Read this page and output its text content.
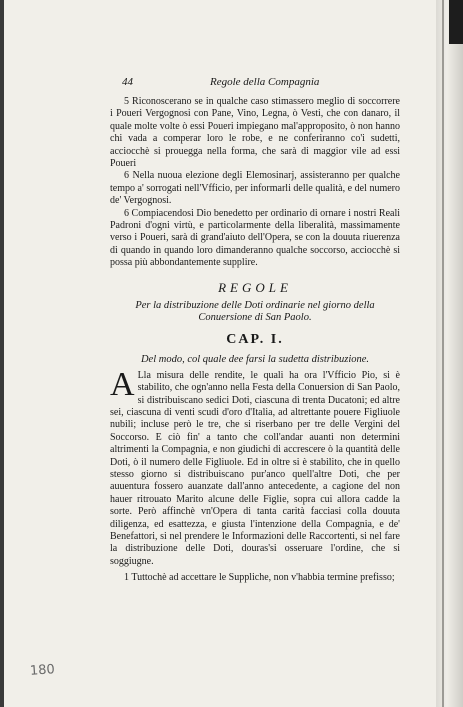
44	Regole della Compagnia

5 Riconoscerano se in qualche caso stimassero meglio di soccorrere i Poueri Vergognosi con Pane, Vino, Legna, ò Vesti, che con danaro, il quale molte volte ò essi Poueri impiegano mal'approposito, ò non hanno chi vada a comperar loro le robe, e ne conferiranno co'i sudetti, acciocchè si prouegga nella forma, che sarà di maggior vile ad essi Poueri

6 Nella nuoua elezione degli Elemosinarj, assisteranno per qualche tempo a' sorrogati nell'Vfficio, per informarli delle qualità, e del numero de' Vergognosi.

6 Compiacendosi Dio benedetto per ordinario di ornare i nostri Reali Padroni d'ogni virtù, e particolarmente della liberalità, massimamente verso i Poueri, sarà di grand'aiuto dell'Opera, se con la douuta riuerenza di quando in quando loro dimanderanno qualche soccorso, acciocchè si possa più abbondantemente supplire.

REGOLE
Per la distribuzione delle Doti ordinarie nel giorno della Conuersione di San Paolo.
CAP. I.
Del modo, col quale dee farsi la sudetta distribuzione.
A Lla misura delle rendite, le quali ha ora l'Vfficio Pio, si è stabilito, che ogn'anno nella Festa della Conuersion di San Paolo, si distribuiscano sedici Doti, ciascuna di trenta Ducatoni; ed altre sei, ciascuna di venti scudi d'oro d'Italia, ad altrettante pouere Figliuole nubili; incluse però le tre, che si riserbano per tre delle Vergini del Soccorso. E ciò fin' a tanto che coll'andar auanti non determini altrimenti la Compagnia, e non giudichi di accrescere ò la quantità delle Doti, ò il numero delle Figliuole. Ed in oltre si è stabilito, che in quello stesso giorno si distribuiscano pur'anco quell'altre Doti, che per auuentura fossero auanzate dall'anno antecedente, a cagione del non hauer ritrouato Marito alcune delle Figlie, sopra cui allora cadde la sorte. Però affinchè vn'Opera di tanta carità facciasi colla douuta diligenza, ed esattezza, e giusta l'intenzione della Compagnia, e de' Benefattori, si nel prendere le Informazioni delle Raccortenti, si nel fare la distribuzione delle Doti, douras'si osseruare l'ordine, che si soggiugne.

1 Tuttochè ad accettare le Suppliche, non v'habbia termine prefisso;

180
